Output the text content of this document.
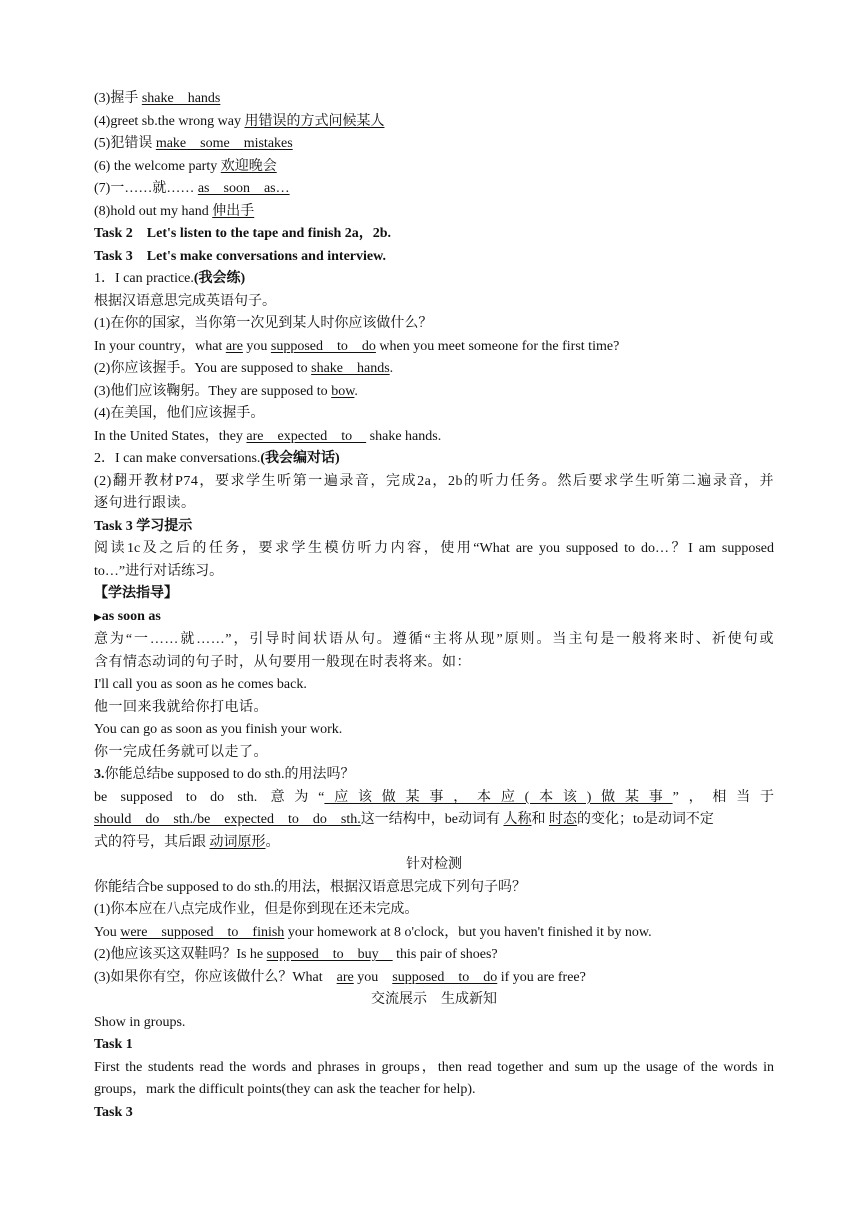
(3)握手 shake　hands

(4)greet sb.the wrong way 用错误的方式问候某人

(5)犯错误 make　some　mistakes

(6) the welcome party 欢迎晚会

(7)一……就…… as　soon　as…

(8)hold out my hand 伸出手

Task 2　Let's listen to the tape and finish 2a，2b.

Task 3　Let's make conversations and interview.

1．I can practice.(我会练)

根据汉语意思完成英语句子。

(1)在你的国家，当你第一次见到某人时你应该做什么？

In your country，what are you supposed　to　do when you meet someone for the first time?

(2)你应该握手。You are supposed to shake　hands.

(3)他们应该鞠躬。They are supposed to bow.

(4)在美国，他们应该握手。

In the United States，they are　expected　to　 shake hands.

2．I can make conversations.(我会编对话)

(2)翻开教材P74，要求学生听第一遍录音，完成2a，2b的听力任务。然后要求学生听第二遍录音，并

逐句进行跟读。

Task 3 学习提示

阅读1c及之后的任务，要求学生模仿听力内容，使用“What are you supposed to do…？I am supposed

to…”进行对话练习。

【学法指导】

▶as soon as

意为“一……就……”，引导时间状语从句。遵循“主将从现”原则。当主句是一般将来时、祈使句或

含有情态动词的句子时，从句要用一般现在时表将来。如：

I'll call you as soon as he comes back.

他一回来我就给你打电话。

You can go as soon as you finish your work.

你一完成任务就可以走了。

3.你能总结be supposed to do sth.的用法吗？

be supposed to do sth. 意为“应该做某事，本应(本该)做某事”，相当于

should　do　sth./be　expected　to　do　sth.这一结构中，be动词有 人称和 时态的变化；to是动词不定

式的符号，其后跟 动词原形。

针对检测

你能结合be supposed to do sth.的用法，根据汉语意思完成下列句子吗？

(1)你本应在八点完成作业，但是你到现在还未完成。

You were　supposed　to　finish your homework at 8 o'clock，but you haven't finished it by now.

(2)他应该买这双鞋吗？Is he supposed　to　buy　 this pair of shoes?

(3)如果你有空，你应该做什么？What　are you　supposed　to　do if you are free?

交流展示　生成新知

Show in groups.

Task 1

First the students read the words and phrases in groups，then read together and sum up the usage of the words in groups，mark the difficult points(they can ask the teacher for help).

Task 3
